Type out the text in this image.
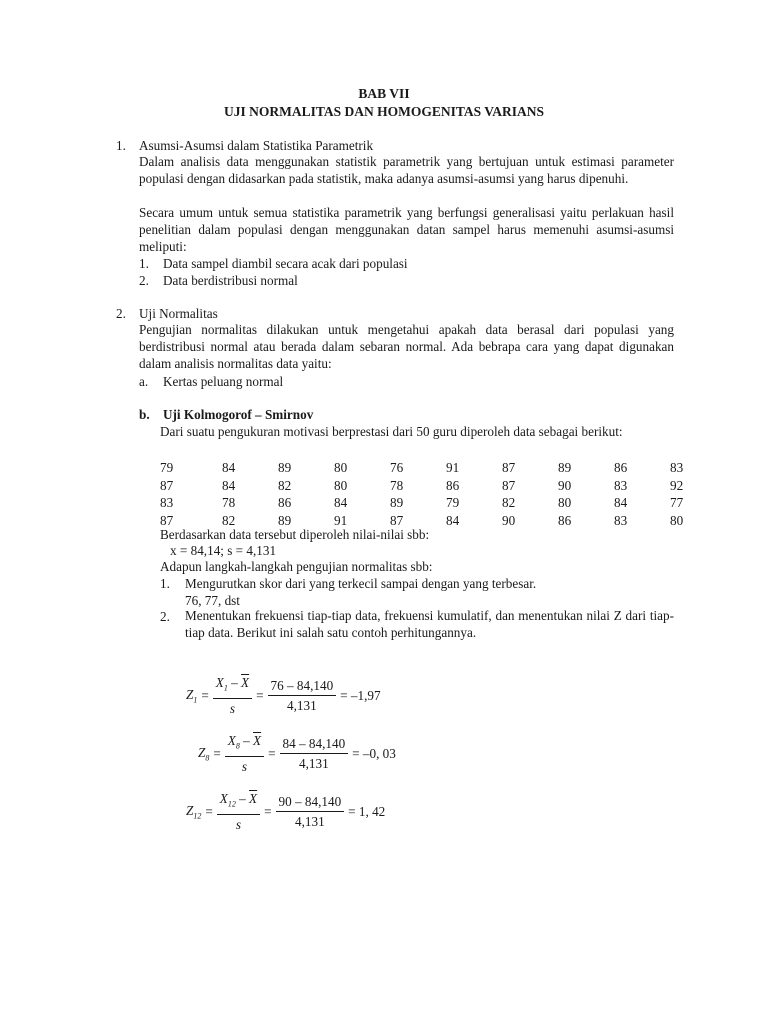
BAB VII
UJI NORMALITAS DAN HOMOGENITAS VARIANS
1. Asumsi-Asumsi dalam Statistika Parametrik
Dalam analisis data menggunakan statistik parametrik yang bertujuan untuk estimasi parameter populasi dengan didasarkan pada statistik, maka adanya asumsi-asumsi yang harus dipenuhi.
Secara umum untuk semua statistika parametrik yang berfungsi generalisasi yaitu perlakuan hasil penelitian dalam populasi dengan menggunakan datan sampel harus memenuhi asumsi-asumsi meliputi:
1. Data sampel diambil secara acak dari populasi
2. Data berdistribusi normal
2. Uji Normalitas
Pengujian normalitas dilakukan untuk mengetahui apakah data berasal dari populasi yang berdistribusi normal atau berada dalam sebaran normal. Ada bebrapa cara yang dapat digunakan dalam analisis normalitas data yaitu:
a. Kertas peluang normal
b. Uji Kolmogorof – Smirnov
Dari suatu pengukuran motivasi berprestasi dari 50 guru diperoleh data sebagai berikut:
79	84	89	80	76	91	87	89	86	83
87	84	82	80	78	86	87	90	83	92
83	78	86	84	89	79	82	80	84	77
87	82	89	91	87	84	90	86	83	80
Berdasarkan data tersebut diperoleh nilai-nilai sbb:
x = 84,14; s = 4,131
Adapun langkah-langkah pengujian normalitas sbb:
1. Mengurutkan skor dari yang terkecil sampai dengan yang terbesar.
76, 77, dst
2. Menentukan frekuensi tiap-tiap data, frekuensi kumulatif, dan menentukan nilai Z dari tiap-tiap data. Berikut ini salah satu contoh perhitungannya.
$Z_1 = \frac{X_1 - \overline{X}}{s} = \frac{76 - 84,140}{4,131} = -1,97$
$Z_8 = \frac{X_8 - \overline{X}}{s} = \frac{84 - 84,140}{4,131} = -0$, 03
$Z_{12} = \frac{X_{12} - \overline{X}}{s} = \frac{90 - 84,140}{4,131} = 1$, 42
